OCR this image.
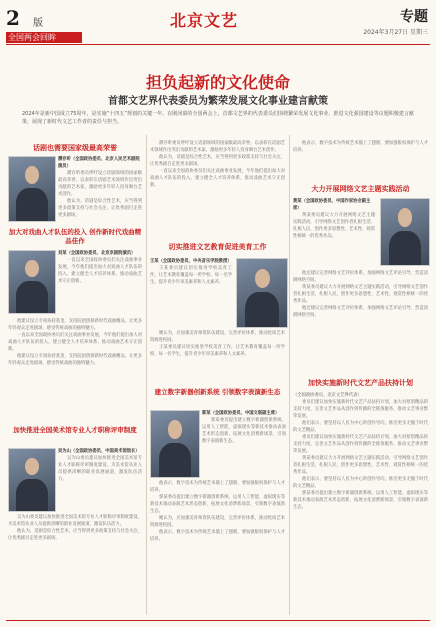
2 版
全国两会回眸
北京文艺	专题
2024年3月27日 星期三
担负起新的文化使命
首都文艺界代表委员为繁荣发展文化事业建言献策
2024年是新中国成立75周年，是实施“十四五”规划的关键一年。在刚闭幕的全国两会上，首都文艺界的代表委员们围绕繁荣发展文化事业、推进文化强国建设等议题积极建言献策，展现了新时代文艺工作者的责任与担当。
话剧也需要国家级最高荣誉
濮存昕（全国政协委员、北京人民艺术剧院演员）

濮存昕委员呼吁设立话剧领域的国家级最高荣誉，以表彰在话剧艺术领域作出突出贡献的艺术家，激励更多年轻人投身舞台艺术创作。

他认为，话剧是综合性艺术，应当得到更多政策支持与社会关注，让优秀剧目走进更多剧场。

加大对戏曲人才队伍的投入 创作新时代戏曲精品佳作
刘某（全国政协委员、北京京剧院演员）

一直以来全国政协委员们关注戏曲事业发展，今年他们提出加大对戏曲人才队伍的投入，建立健全人才培养体系，推动戏曲艺术守正创新。

他建议设立专项扶持基金，支持院团创排新时代戏曲精品，让更多年轻观众走进剧场，感受传统戏曲的独特魅力。

一直以来全国政协委员们关注戏曲事业发展，今年他们提出加大对戏曲人才队伍的投入，建立健全人才培养体系，推动戏曲艺术守正创新。

他建议设立专项扶持基金，支持院团创排新时代戏曲精品，让更多年轻观众走进剧场，感受传统戏曲的独特魅力。

加快推进全国美术馆专业人才职称评审制度
吴为山（全国政协委员、中国美术馆馆长）

吴为山委员建议加快推进全国美术馆专业人才职称评审制度建设，为美术馆从业人员提供清晰的职业发展通道，激发队伍活力。

吴为山委员建议加快推进全国美术馆专业人才职称评审制度建设，为美术馆从业人员提供清晰的职业发展通道，激发队伍活力。

他认为，话剧是综合性艺术，应当得到更多政策支持与社会关注，让优秀剧目走进更多剧场。

濮存昕委员呼吁设立话剧领域的国家级最高荣誉，以表彰在话剧艺术领域作出突出贡献的艺术家，激励更多年轻人投身舞台艺术创作。

他认为，话剧是综合性艺术，应当得到更多政策支持与社会关注，让优秀剧目走进更多剧场。

一直以来全国政协委员们关注戏曲事业发展，今年他们提出加大对戏曲人才队伍的投入，建立健全人才培养体系，推动戏曲艺术守正创新。

切实推进文艺教育促进美育工作
王某（全国政协委员、中央音乐学院教授）

王某委员建议切实推进学校美育工作，让艺术教育覆盖每一所学校、每一名学生，提升青少年审美素养和人文素养。

她认为，应加强美育师资队伍建设，完善评价体系，推动优质艺术资源进校园。

王某委员建议切实推进学校美育工作，让艺术教育覆盖每一所学校、每一名学生，提升青少年审美素养和人文素养。

建立数字新器创新系统 引领数字表演新生态
郭某（全国政协委员、中国文联副主席）

郭某委员提出建立数字新器创新系统，运用人工智能、虚拟现实等新技术推动表演艺术形态创新，拓展文化消费新场景，引领数字表演新生态。

他表示，数字技术为传统艺术插上了翅膀，要加强版权保护与人才培养。

郭某委员提出建立数字新器创新系统，运用人工智能、虚拟现实等新技术推动表演艺术形态创新，拓展文化消费新场景，引领数字表演新生态。

她认为，应加强美育师资队伍建设，完善评价体系，推动优质艺术资源进校园。

他表示，数字技术为传统艺术插上了翅膀，要加强版权保护与人才培养。

他表示，数字技术为传统艺术插上了翅膀，要加强版权保护与人才培养。

大力开展网络文艺主题实践活动
黄某（全国政协委员、中国作家协会副主席）

黄某委员建议大力开展网络文艺主题实践活动，引导网络文艺创作者扎根生活、扎根人民，创作更多思想性、艺术性、观赏性相统一的优秀作品。

他还建议完善网络文艺评价体系，加强网络文艺评论引导，营造清朗网络空间。

黄某委员建议大力开展网络文艺主题实践活动，引导网络文艺创作者扎根生活、扎根人民，创作更多思想性、艺术性、观赏性相统一的优秀作品。

他还建议完善网络文艺评价体系，加强网络文艺评论引导，营造清朗网络空间。

加快实施新时代文艺产品扶持计划
（全国政协委员、北京文艺界代表）

委员们建议加快实施新时代文艺产品扶持计划，加大对原创精品的支持力度，完善文艺作品从创作到传播的全链条服务，推动文艺事业繁荣发展。

他们表示，要坚持以人民为中心的创作导向，推出更多无愧于时代的文艺精品。

委员们建议加快实施新时代文艺产品扶持计划，加大对原创精品的支持力度，完善文艺作品从创作到传播的全链条服务，推动文艺事业繁荣发展。

黄某委员建议大力开展网络文艺主题实践活动，引导网络文艺创作者扎根生活、扎根人民，创作更多思想性、艺术性、观赏性相统一的优秀作品。

他们表示，要坚持以人民为中心的创作导向，推出更多无愧于时代的文艺精品。

郭某委员提出建立数字新器创新系统，运用人工智能、虚拟现实等新技术推动表演艺术形态创新，拓展文化消费新场景，引领数字表演新生态。
